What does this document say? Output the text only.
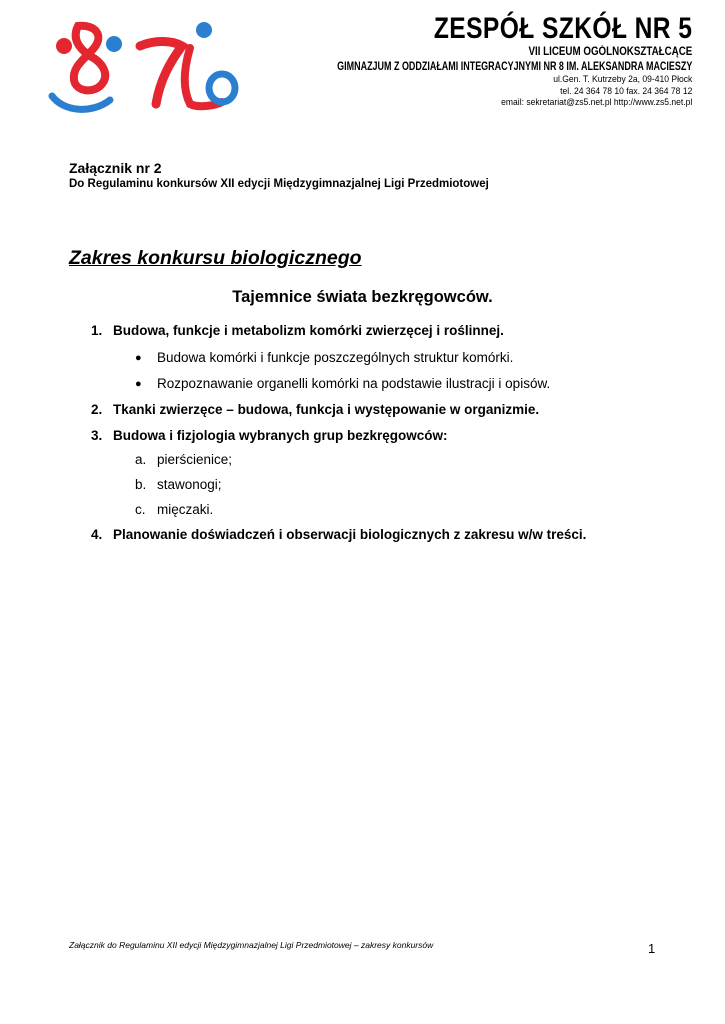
ZESPÓŁ SZKÓŁ NR 5
VII LICEUM OGÓLNOKSZTAŁCĄCE
GIMNAZJUM Z ODDZIAŁAMI INTEGRACYJNYMI NR 8 IM. ALEKSANDRA MACIESZY
ul.Gen. T. Kutrzeby 2a, 09-410 Płock
tel. 24 364 78 10 fax. 24 364 78 12
email: sekretariat@zs5.net.pl http://www.zs5.net.pl
Załącznik nr 2
Do Regulaminu konkursów XII edycji Międzygimnazjalnej Ligi Przedmiotowej
Zakres konkursu biologicznego
Tajemnice świata bezkręgowców.
1. Budowa, funkcje i metabolizm komórki zwierzęcej i roślinnej.
● Budowa komórki i funkcje poszczególnych struktur komórki.
● Rozpoznawanie organelli komórki na podstawie ilustracji i opisów.
2. Tkanki zwierzęce – budowa, funkcja i występowanie w organizmie.
3. Budowa i fizjologia wybranych grup bezkręgowców:
a. pierścienice;
b. stawonogi;
c. mięczaki.
4. Planowanie doświadczeń i obserwacji biologicznych z zakresu w/w treści.
Załącznik do Regulaminu XII edycji Międzygimnazjalnej Ligi Przedmiotowej – zakresy konkursów	1
